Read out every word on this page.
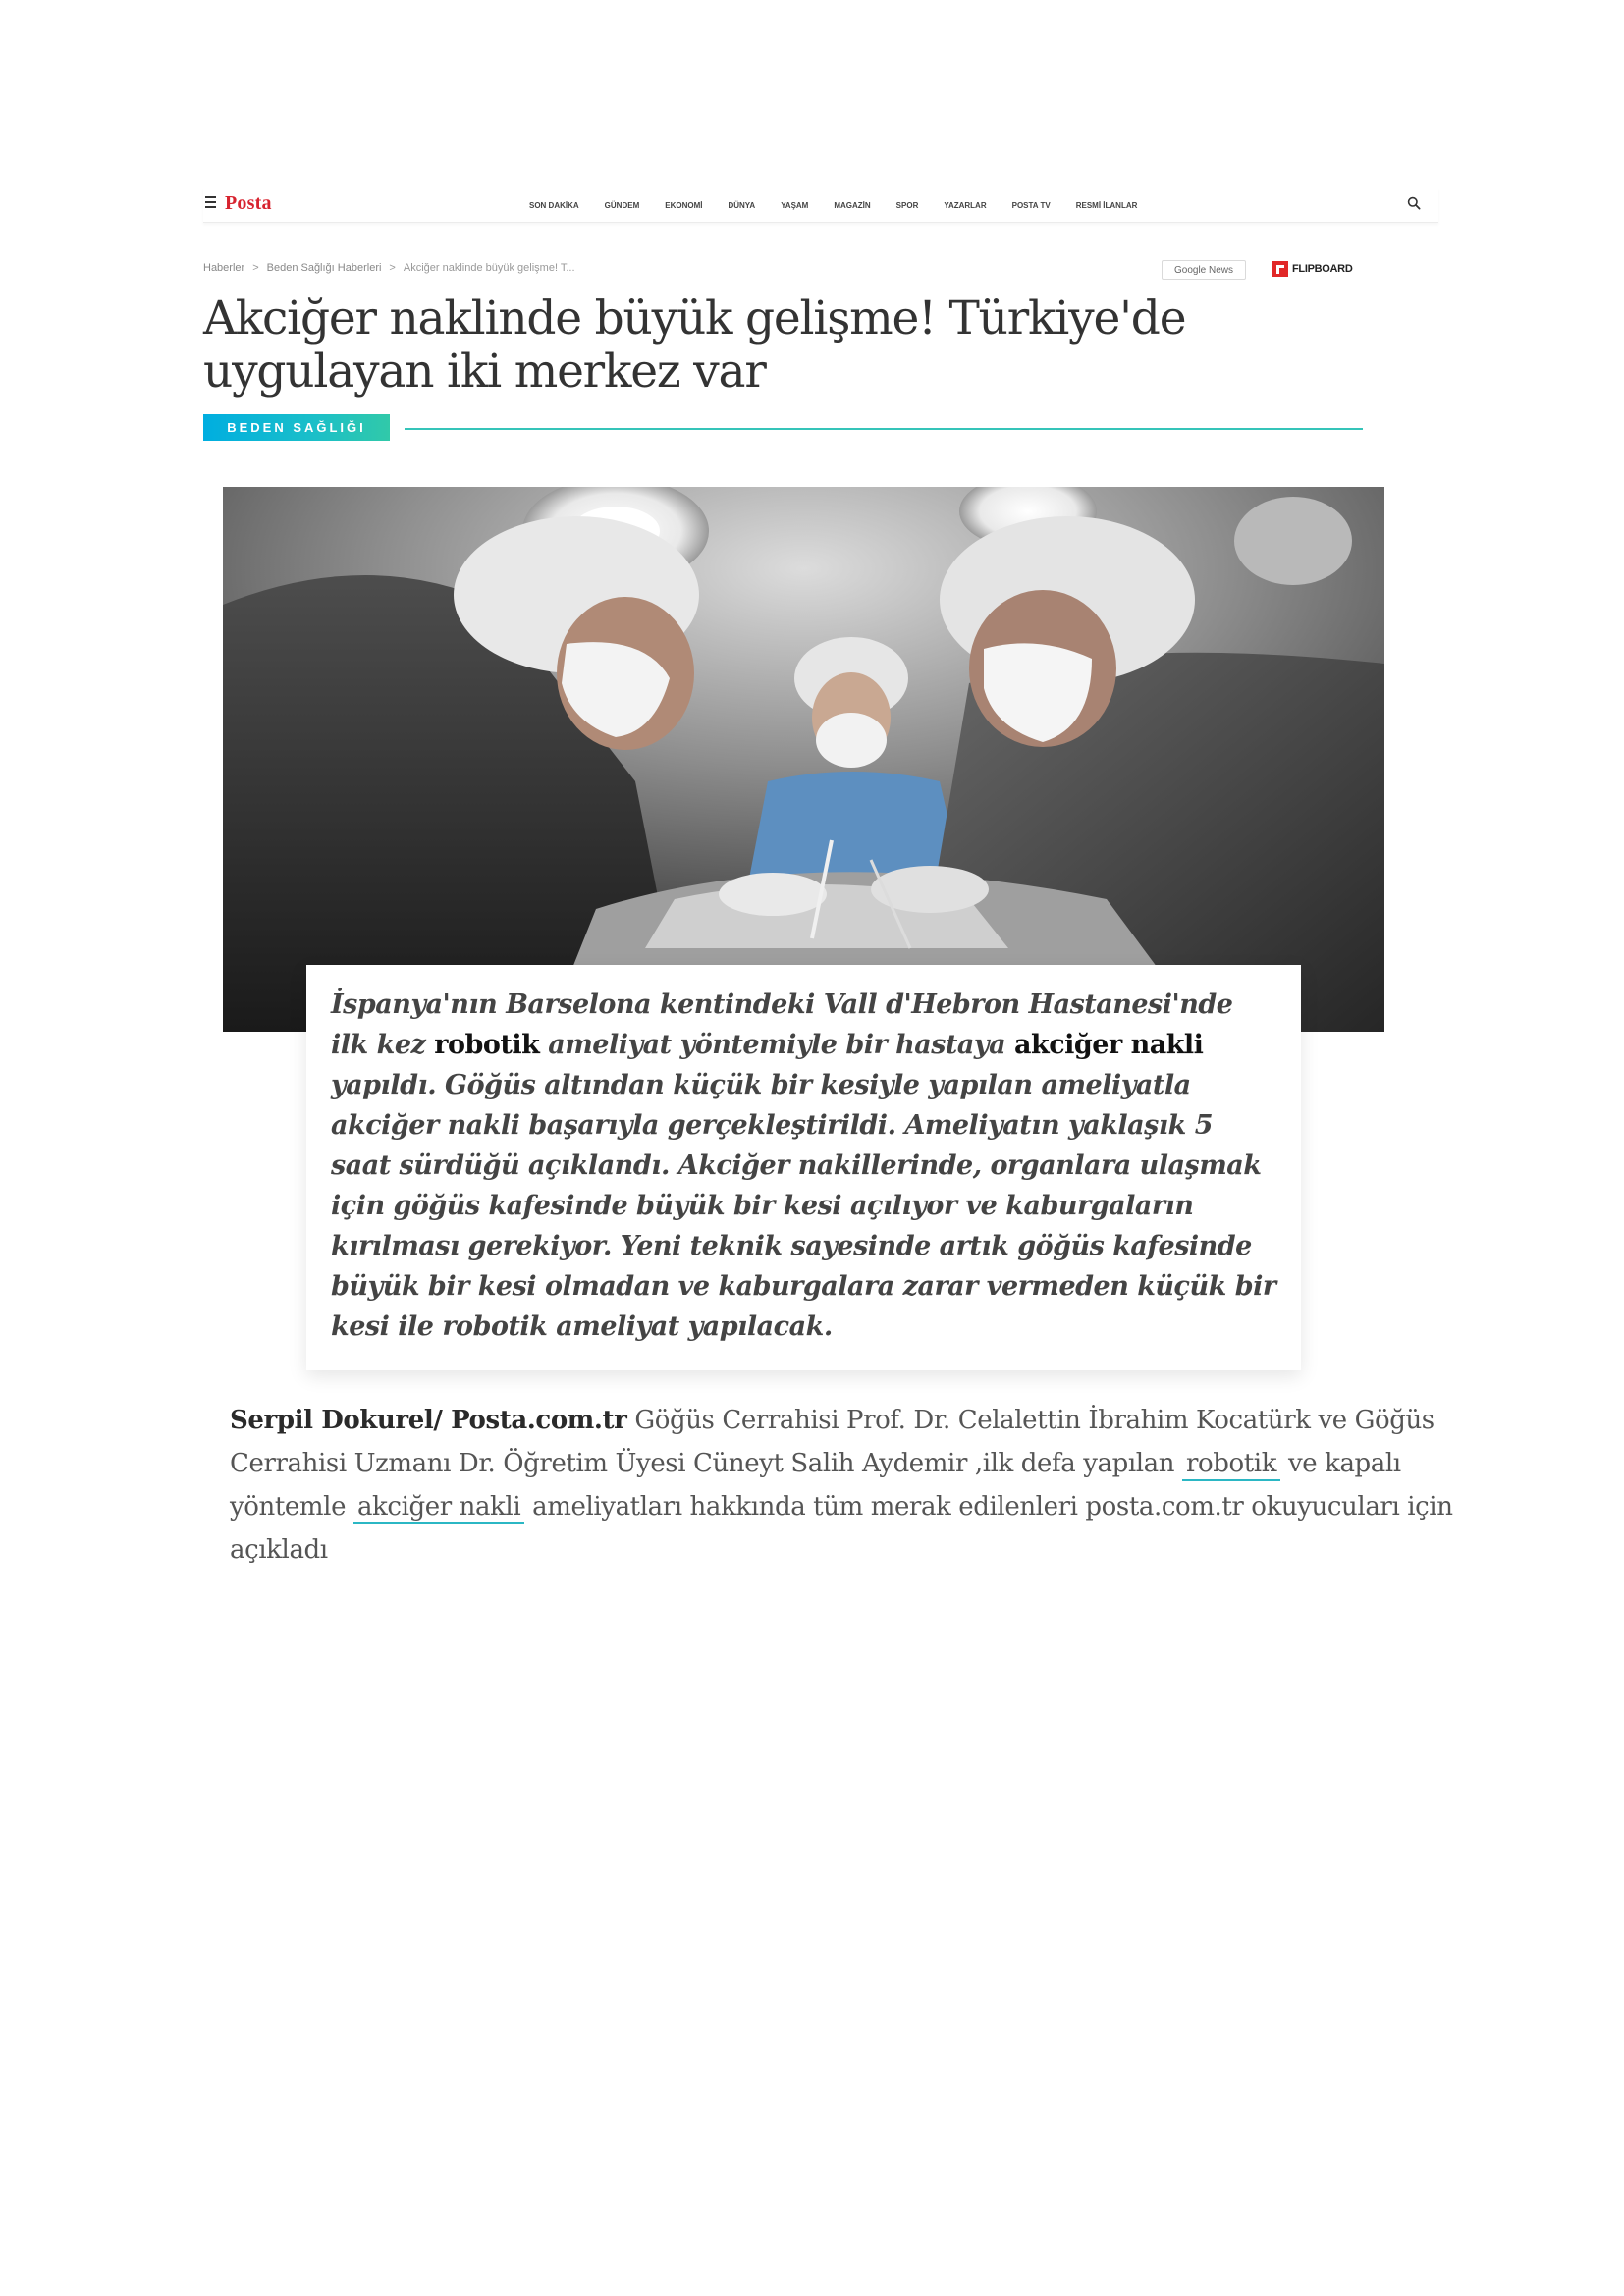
Posta	SON DAKİKA	GÜNDEM	EKONOMİ	DÜNYA	YAŞAM	MAGAZİN	SPOR	YAZARLAR	POSTA TV	RESMİ İLANLAR
Haberler > Beden Sağlığı Haberleri > Akciğer naklinde büyük gelişme! T...	Google News	FLIPBOARD
Akciğer naklinde büyük gelişme! Türkiye'de uygulayan iki merkez var
BEDEN SAĞLIĞI

İspanya'nın Barselona kentindeki Vall d'Hebron Hastanesi'nde ilk kez robotik ameliyat yöntemiyle bir hastaya akciğer nakli yapıldı. Göğüs altından küçük bir kesiyle yapılan ameliyatla akciğer nakli başarıyla gerçekleştirildi. Ameliyatın yaklaşık 5 saat sürdüğü açıklandı. Akciğer nakillerinde, organlara ulaşmak için göğüs kafesinde büyük bir kesi açılıyor ve kaburgaların kırılması gerekiyor. Yeni teknik sayesinde artık göğüs kafesinde büyük bir kesi olmadan ve kaburgalara zarar vermeden küçük bir kesi ile robotik ameliyat yapılacak.

Serpil Dokurel/ Posta.com.tr Göğüs Cerrahisi Prof. Dr. Celalettin İbrahim Kocatürk ve Göğüs Cerrahisi Uzmanı Dr. Öğretim Üyesi Cüneyt Salih Aydemir ,ilk defa yapılan robotik ve kapalı yöntemle akciğer nakli ameliyatları hakkında tüm merak edilenleri posta.com.tr okuyucuları için açıkladı
